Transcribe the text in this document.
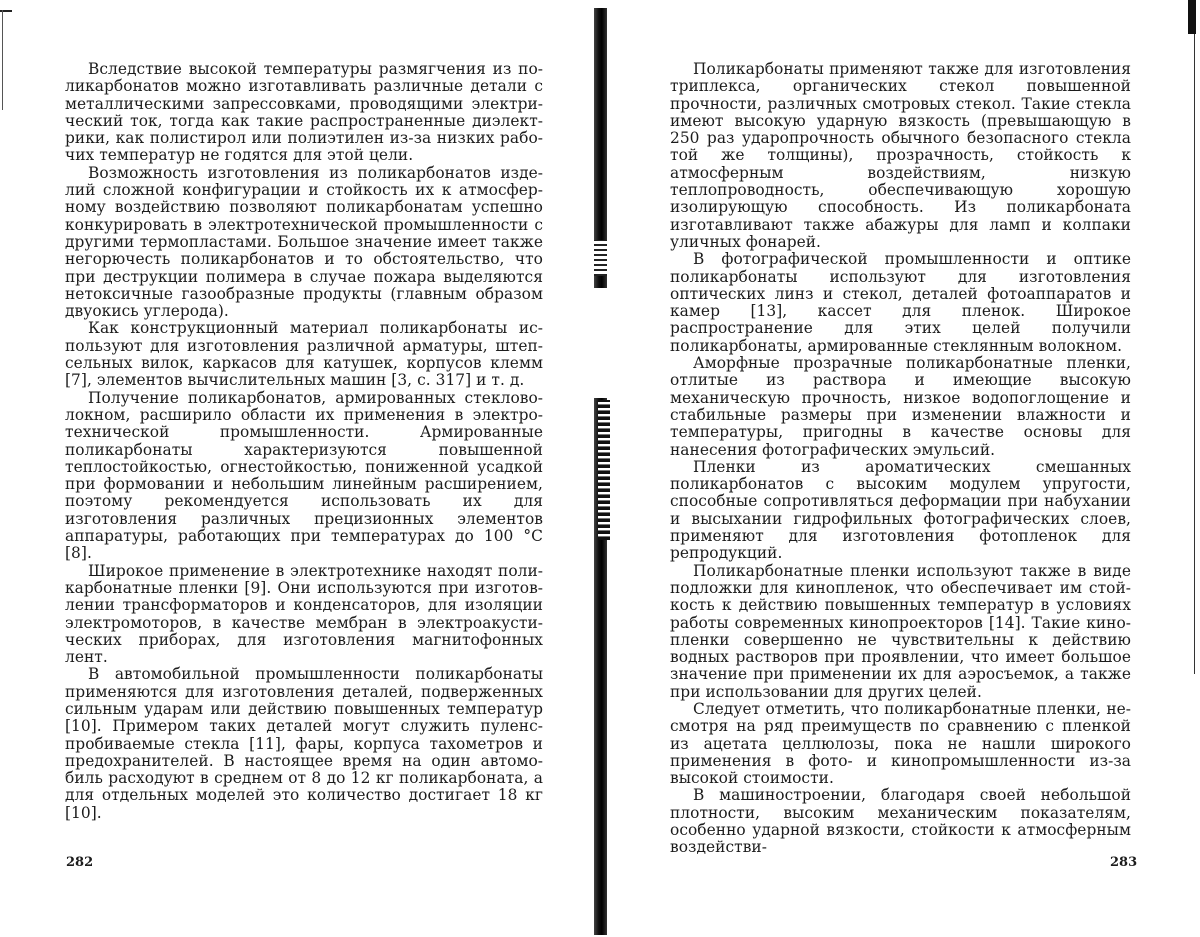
Вследствие высокой температуры размягчения из поликарбонатов можно изготавливать различные детали с металлическими запрессовками, проводящими электрический ток, тогда как такие распространенные диэлектрики, как полистирол или полиэтилен из-за низких рабочих температур не годятся для этой цели.

Возможность изготовления из поликарбонатов изделий сложной конфигурации и стойкость их к атмосферному воздействию позволяют поликарбонатам успешно конкурировать в электротехнической промышленности с другими термопластами. Большое значение имеет также негорючесть поликарбонатов и то обстоятельство, что при деструкции полимера в случае пожара выделяются нетоксичные газообразные продукты (главным образом двуокись углерода).

Как конструкционный материал поликарбонаты используют для изготовления различной арматуры, штепсельных вилок, каркасов для катушек, корпусов клемм [7], элементов вычислительных машин [3, с. 317] и т. д.

Получение поликарбонатов, армированных стекловолокном, расширило области их применения в электротехнической промышленности. Армированные поликарбонаты характеризуются повышенной теплостойкостью, огнестойкостью, пониженной усадкой при формовании и небольшим линейным расширением, поэтому рекомендуется использовать их для изготовления различных прецизионных элементов аппаратуры, работающих при температурах до 100 °C [8].

Широкое применение в электротехнике находят поликарбонатные пленки [9]. Они используются при изготовлении трансформаторов и конденсаторов, для изоляции электромоторов, в качестве мембран в электроакустических приборах, для изготовления магнитофонных лент.

В автомобильной промышленности поликарбонаты применяются для изготовления деталей, подверженных сильным ударам или действию повышенных температур [10]. Примером таких деталей могут служить пуленспробиваемые стекла [11], фары, корпуса тахометров и предохранителей. В настоящее время на один автомобиль расходуют в среднем от 8 до 12 кг поликарбоната, а для отдельных моделей это количество достигает 18 кг [10].

282

Поликарбонаты применяют также для изготовления триплекса, органических стекол повышенной прочности, различных смотровых стекол. Такие стекла имеют высокую ударную вязкость (превышающую в 250 раз ударопрочность обычного безопасного стекла той же толщины), прозрачность, стойкость к атмосферным воздействиям, низкую теплопроводность, обеспечивающую хорошую изолирующую способность. Из поликарбоната изготавливают также абажуры для ламп и колпаки уличных фонарей.

В фотографической промышленности и оптике поликарбонаты используют для изготовления оптических линз и стекол, деталей фотоаппаратов и камер [13], кассет для пленок. Широкое распространение для этих целей получили поликарбонаты, армированные стеклянным волокном.

Аморфные прозрачные поликарбонатные пленки, отлитые из раствора и имеющие высокую механическую прочность, низкое водопоглощение и стабильные размеры при изменении влажности и температуры, пригодны в качестве основы для нанесения фотографических эмульсий.

Пленки из ароматических смешанных поликарбонатов с высоким модулем упругости, способные сопротивляться деформации при набухании и высыхании гидрофильных фотографических слоев, применяют для изготовления фотопленок для репродукций.

Поликарбонатные пленки используют также в виде подложки для кинопленок, что обеспечивает им стойкость к действию повышенных температур в условиях работы современных кинопроекторов [14]. Такие кинопленки совершенно не чувствительны к действию водных растворов при проявлении, что имеет большое значение при применении их для аэросъемок, а также при использовании для других целей.

Следует отметить, что поликарбонатные пленки, несмотря на ряд преимуществ по сравнению с пленкой из ацетата целлюлозы, пока не нашли широкого применения в фото- и кинопромышленности из-за высокой стоимости.

В машиностроении, благодаря своей небольшой плотности, высоким механическим показателям, особенно ударной вязкости, стойкости к атмосферным воздействи-

283
